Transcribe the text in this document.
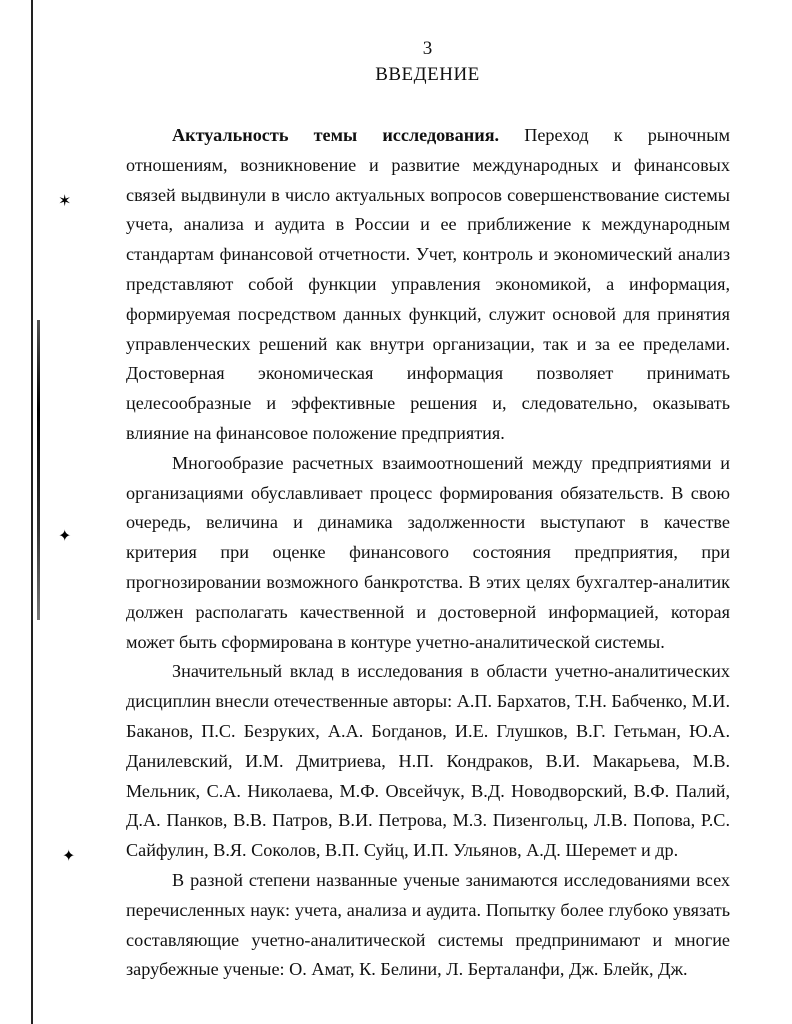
✶
✦
✦
3
ВВЕДЕНИЕ

Актуальность темы исследования. Переход к рыночным отношениям, возникновение и развитие международных и финансовых связей выдвинули в число актуальных вопросов совершенствование системы учета, анализа и аудита в России и ее приближение к международным стандартам финансовой отчетности. Учет, контроль и экономический анализ представляют собой функции управления экономикой, а информация, формируемая посредством данных функций, служит основой для принятия управленческих решений как внутри организации, так и за ее пределами. Достоверная экономическая информация позволяет принимать целесообразные и эффективные решения и, следовательно, оказывать влияние на финансовое положение предприятия.

Многообразие расчетных взаимоотношений между предприятиями и организациями обуславливает процесс формирования обязательств. В свою очередь, величина и динамика задолженности выступают в качестве критерия при оценке финансового состояния предприятия, при прогнозировании возможного банкротства. В этих целях бухгалтер-аналитик должен располагать качественной и достоверной информацией, которая может быть сформирована в контуре учетно-аналитической системы.

Значительный вклад в исследования в области учетно-аналитических дисциплин внесли отечественные авторы: А.П. Бархатов, Т.Н. Бабченко, М.И. Баканов, П.С. Безруких, А.А. Богданов, И.Е. Глушков, В.Г. Гетьман, Ю.А. Данилевский, И.М. Дмитриева, Н.П. Кондраков, В.И. Макарьева, М.В. Мельник, С.А. Николаева, М.Ф. Овсейчук, В.Д. Новодворский, В.Ф. Палий, Д.А. Панков, В.В. Патров, В.И. Петрова, М.З. Пизенгольц, Л.В. Попова, Р.С. Сайфулин, В.Я. Соколов, В.П. Суйц, И.П. Ульянов, А.Д. Шеремет и др.

В разной степени названные ученые занимаются исследованиями всех перечисленных наук: учета, анализа и аудита. Попытку более глубоко увязать составляющие учетно-аналитической системы предпринимают и многие зарубежные ученые: О. Амат, К. Белини, Л. Берталанфи, Дж. Блейк, Дж.
